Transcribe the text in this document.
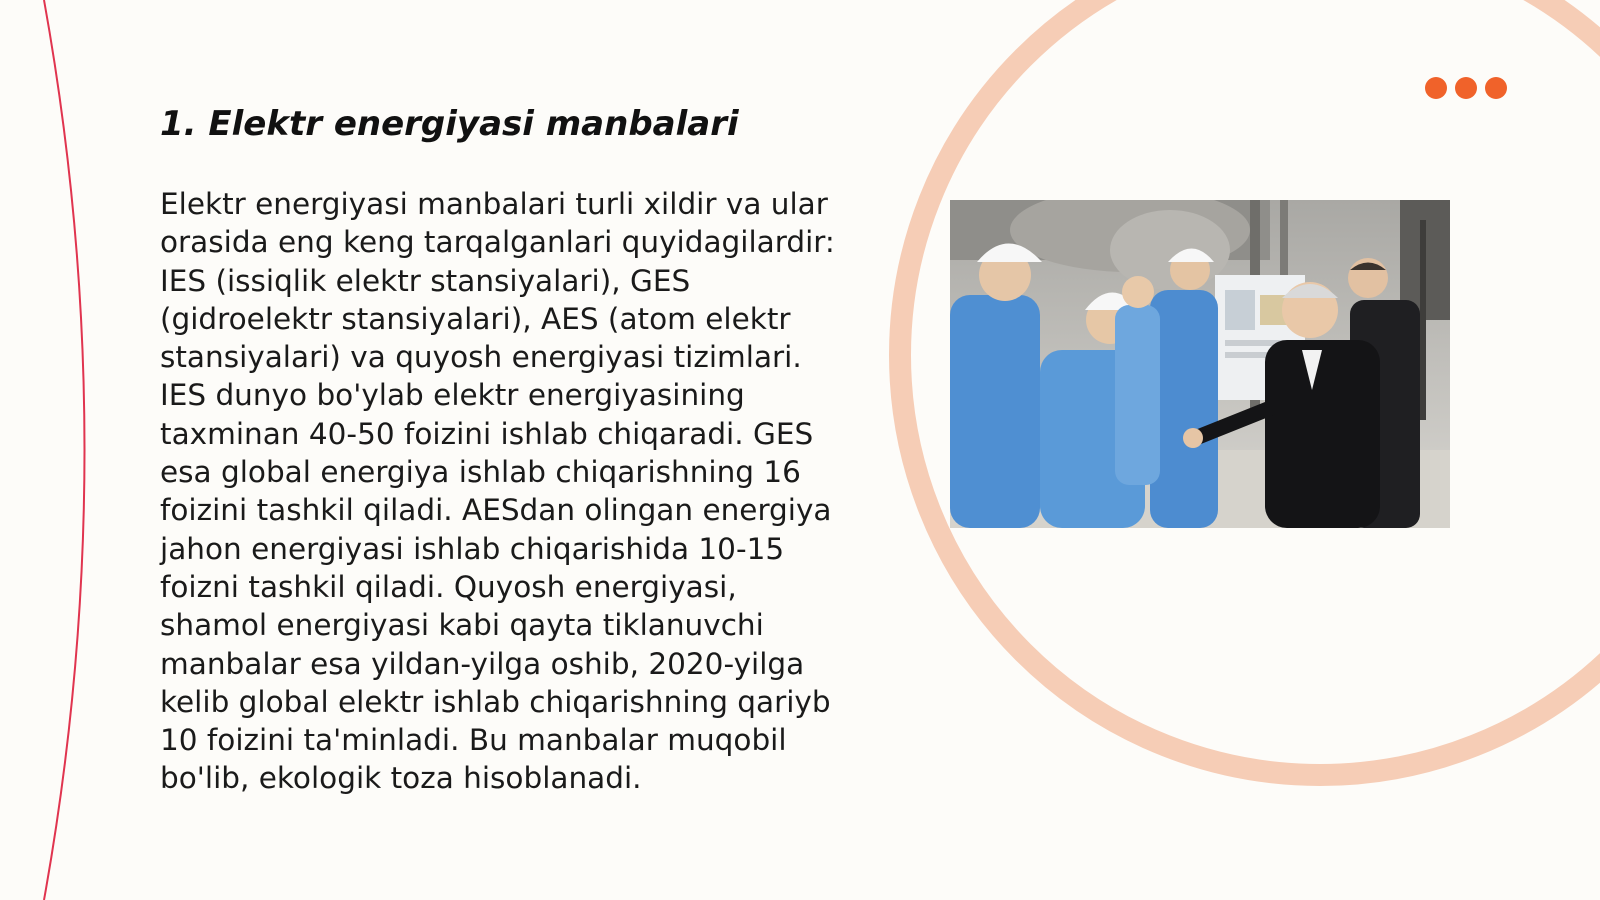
1. Elektr energiyasi manbalari

Elektr energiyasi manbalari turli xildir va ular orasida eng keng tarqalganlari quyidagilardir: IES (issiqlik elektr stansiyalari), GES (gidroelektr stansiyalari), AES (atom elektr stansiyalari) va quyosh energiyasi tizimlari. IES dunyo bo'ylab elektr energiyasining taxminan 40-50 foizini ishlab chiqaradi. GES esa global energiya ishlab chiqarishning 16 foizini tashkil qiladi. AESdan olingan energiya jahon energiyasi ishlab chiqarishida 10-15 foizni tashkil qiladi. Quyosh energiyasi, shamol energiyasi kabi qayta tiklanuvchi manbalar esa yildan-yilga oshib, 2020-yilga kelib global elektr ishlab chiqarishning qariyb 10 foizini ta'minladi. Bu manbalar muqobil bo'lib, ekologik toza hisoblanadi.
